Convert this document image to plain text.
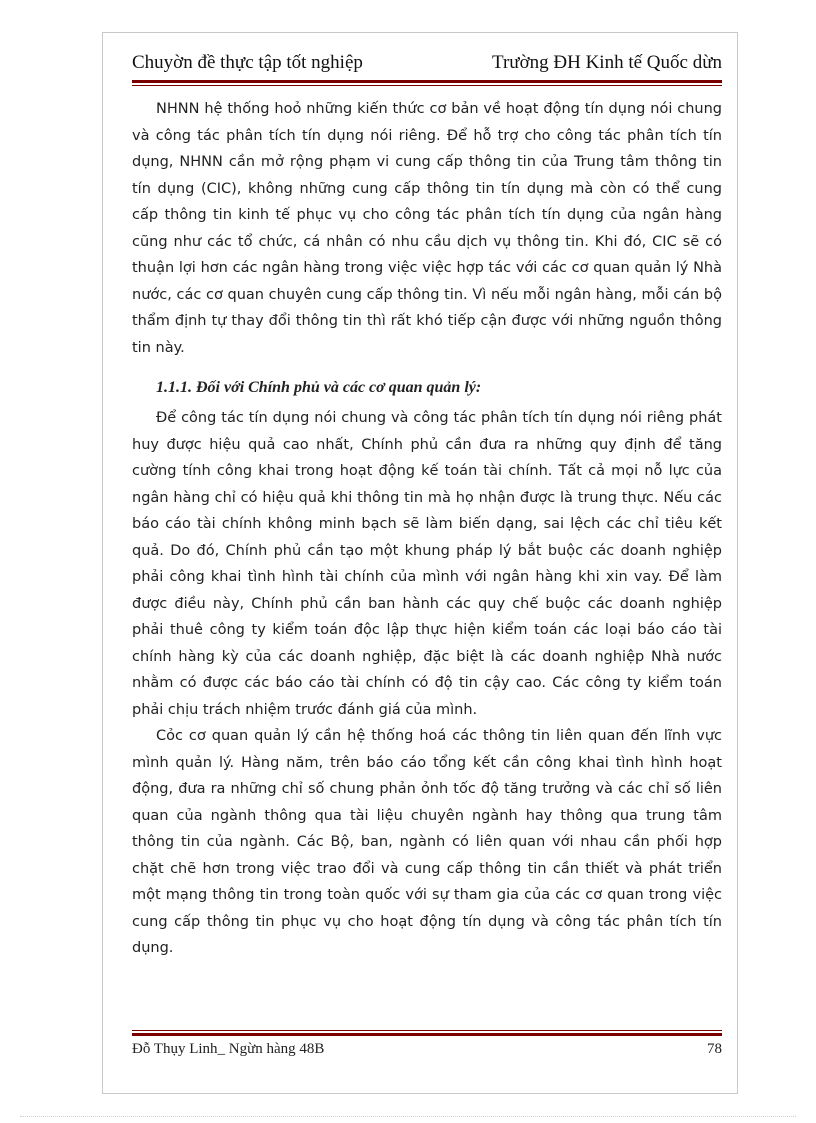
Chuyờn đề thực tập tốt nghiệp	Trường ĐH Kinh tế Quốc dừn

NHNN hệ thống hoỏ những kiến thức cơ bản về hoạt động tín dụng nói chung và công tác phân tích tín dụng nói riêng. Để hỗ trợ cho công tác phân tích tín dụng, NHNN cần mở rộng phạm vi cung cấp thông tin của Trung tâm thông tin tín dụng (CIC), không những cung cấp thông tin tín dụng mà còn có thể cung cấp thông tin kinh tế phục vụ cho công tác phân tích tín dụng của ngân hàng cũng như các tổ chức, cá nhân có nhu cầu dịch vụ thông tin. Khi đó, CIC sẽ có thuận lợi hơn các ngân hàng trong việc việc hợp tác với các cơ quan quản lý Nhà nước, các cơ quan chuyên cung cấp thông tin. Vì nếu mỗi ngân hàng, mỗi cán bộ thẩm định tự thay đổi thông tin thì rất khó tiếp cận được với những nguồn thông tin này.

1.1.1. Đối với Chính phủ và các cơ quan quản lý:

Để công tác tín dụng nói chung và công tác phân tích tín dụng nói riêng phát huy được hiệu quả cao nhất, Chính phủ cần đưa ra những quy định để tăng cường tính công khai trong hoạt động kế toán tài chính. Tất cả mọi nỗ lực của ngân hàng chỉ có hiệu quả khi thông tin mà họ nhận được là trung thực. Nếu các báo cáo tài chính không minh bạch sẽ làm biến dạng, sai lệch các chỉ tiêu kết quả. Do đó, Chính phủ cần tạo một khung pháp lý bắt buộc các doanh nghiệp phải công khai tình hình tài chính của mình với ngân hàng khi xin vay. Để làm được điều này, Chính phủ cần ban hành các quy chế buộc các doanh nghiệp phải thuê công ty kiểm toán độc lập thực hiện kiểm toán các loại báo cáo tài chính hàng kỳ của các doanh nghiệp, đặc biệt là các doanh nghiệp Nhà nước nhằm có được các báo cáo tài chính có độ tin cậy cao. Các công ty kiểm toán phải chịu trách nhiệm trước đánh giá của mình.

Cỏc cơ quan quản lý cần hệ thống hoá các thông tin liên quan đến lĩnh vực mình quản lý. Hàng năm, trên báo cáo tổng kết cần công khai tình hình hoạt động, đưa ra những chỉ số chung phản ỏnh tốc độ tăng trưởng và các chỉ số liên quan của ngành thông qua tài liệu chuyên ngành hay thông qua trung tâm thông tin của ngành. Các Bộ, ban, ngành có liên quan với nhau cần phối hợp chặt chẽ hơn trong việc trao đổi và cung cấp thông tin cần thiết và phát triển một mạng thông tin trong toàn quốc với sự tham gia của các cơ quan trong việc cung cấp thông tin phục vụ cho hoạt động tín dụng và công tác phân tích tín dụng.

Đỗ Thụy Linh_ Ngừn hàng 48B	78
